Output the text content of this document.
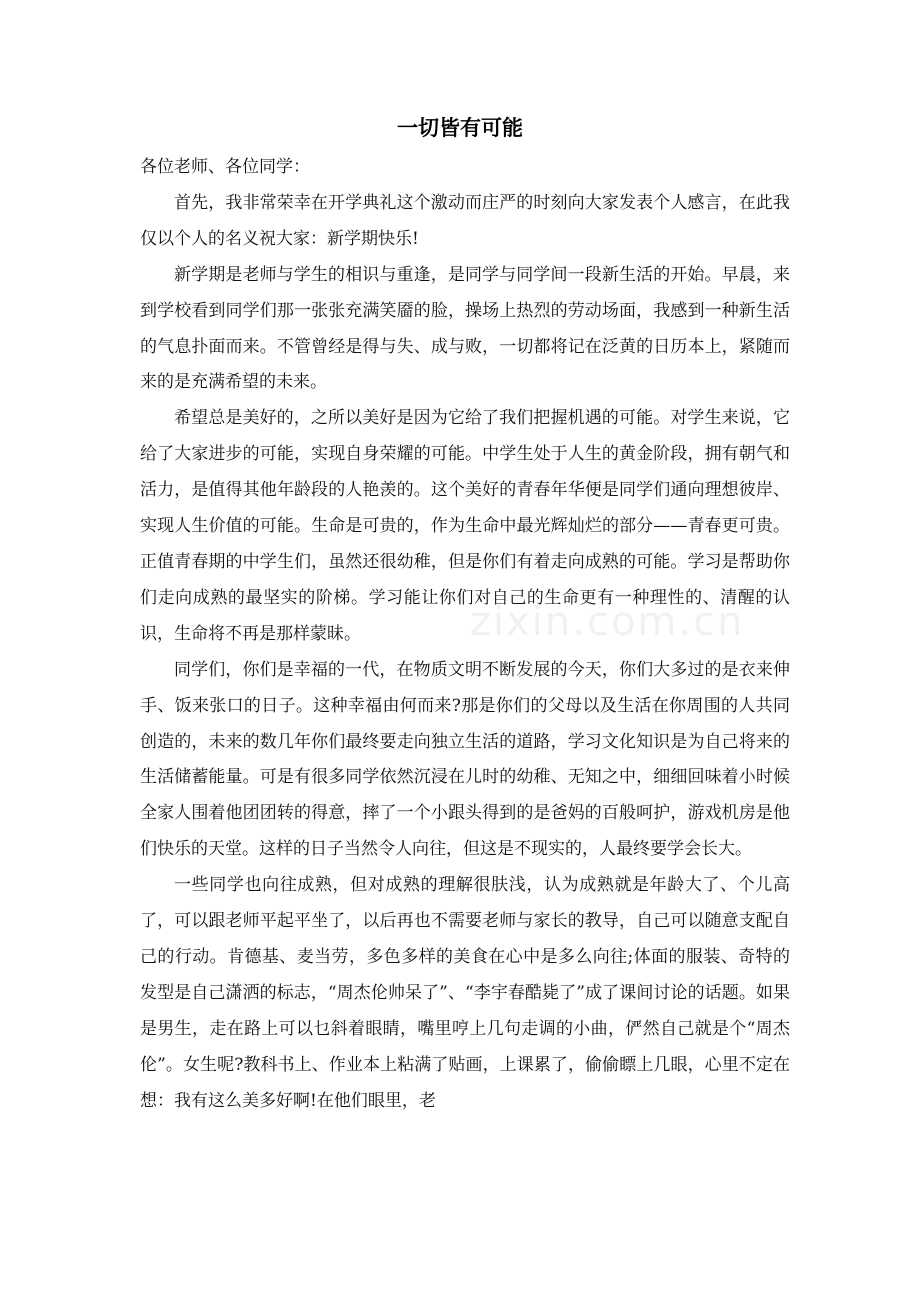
一切皆有可能

各位老师、各位同学：

首先，我非常荣幸在开学典礼这个激动而庄严的时刻向大家发表个人感言，在此我仅以个人的名义祝大家：新学期快乐!

新学期是老师与学生的相识与重逢，是同学与同学间一段新生活的开始。早晨，来到学校看到同学们那一张张充满笑靥的脸，操场上热烈的劳动场面，我感到一种新生活的气息扑面而来。不管曾经是得与失、成与败，一切都将记在泛黄的日历本上，紧随而来的是充满希望的未来。

希望总是美好的，之所以美好是因为它给了我们把握机遇的可能。对学生来说，它给了大家进步的可能，实现自身荣耀的可能。中学生处于人生的黄金阶段，拥有朝气和活力，是值得其他年龄段的人艳羡的。这个美好的青春年华便是同学们通向理想彼岸、实现人生价值的可能。生命是可贵的，作为生命中最光辉灿烂的部分——青春更可贵。正值青春期的中学生们，虽然还很幼稚，但是你们有着走向成熟的可能。学习是帮助你们走向成熟的最坚实的阶梯。学习能让你们对自己的生命更有一种理性的、清醒的认识，生命将不再是那样蒙昧。

同学们，你们是幸福的一代，在物质文明不断发展的今天，你们大多过的是衣来伸手、饭来张口的日子。这种幸福由何而来?那是你们的父母以及生活在你周围的人共同创造的，未来的数几年你们最终要走向独立生活的道路，学习文化知识是为自己将来的生活储蓄能量。可是有很多同学依然沉浸在儿时的幼稚、无知之中，细细回味着小时候全家人围着他团团转的得意，摔了一个小跟头得到的是爸妈的百般呵护，游戏机房是他们快乐的天堂。这样的日子当然令人向往，但这是不现实的，人最终要学会长大。

一些同学也向往成熟，但对成熟的理解很肤浅，认为成熟就是年龄大了、个儿高了，可以跟老师平起平坐了，以后再也不需要老师与家长的教导，自己可以随意支配自己的行动。肯德基、麦当劳，多色多样的美食在心中是多么向往;体面的服装、奇特的发型是自己潇洒的标志，“周杰伦帅呆了”、“李宇春酷毙了”成了课间讨论的话题。如果是男生，走在路上可以乜斜着眼睛，嘴里哼上几句走调的小曲，俨然自己就是个“周杰伦”。女生呢?教科书上、作业本上粘满了贴画，上课累了，偷偷瞟上几眼，心里不定在想：我有这么美多好啊!在他们眼里，老

zixin.com.cn
